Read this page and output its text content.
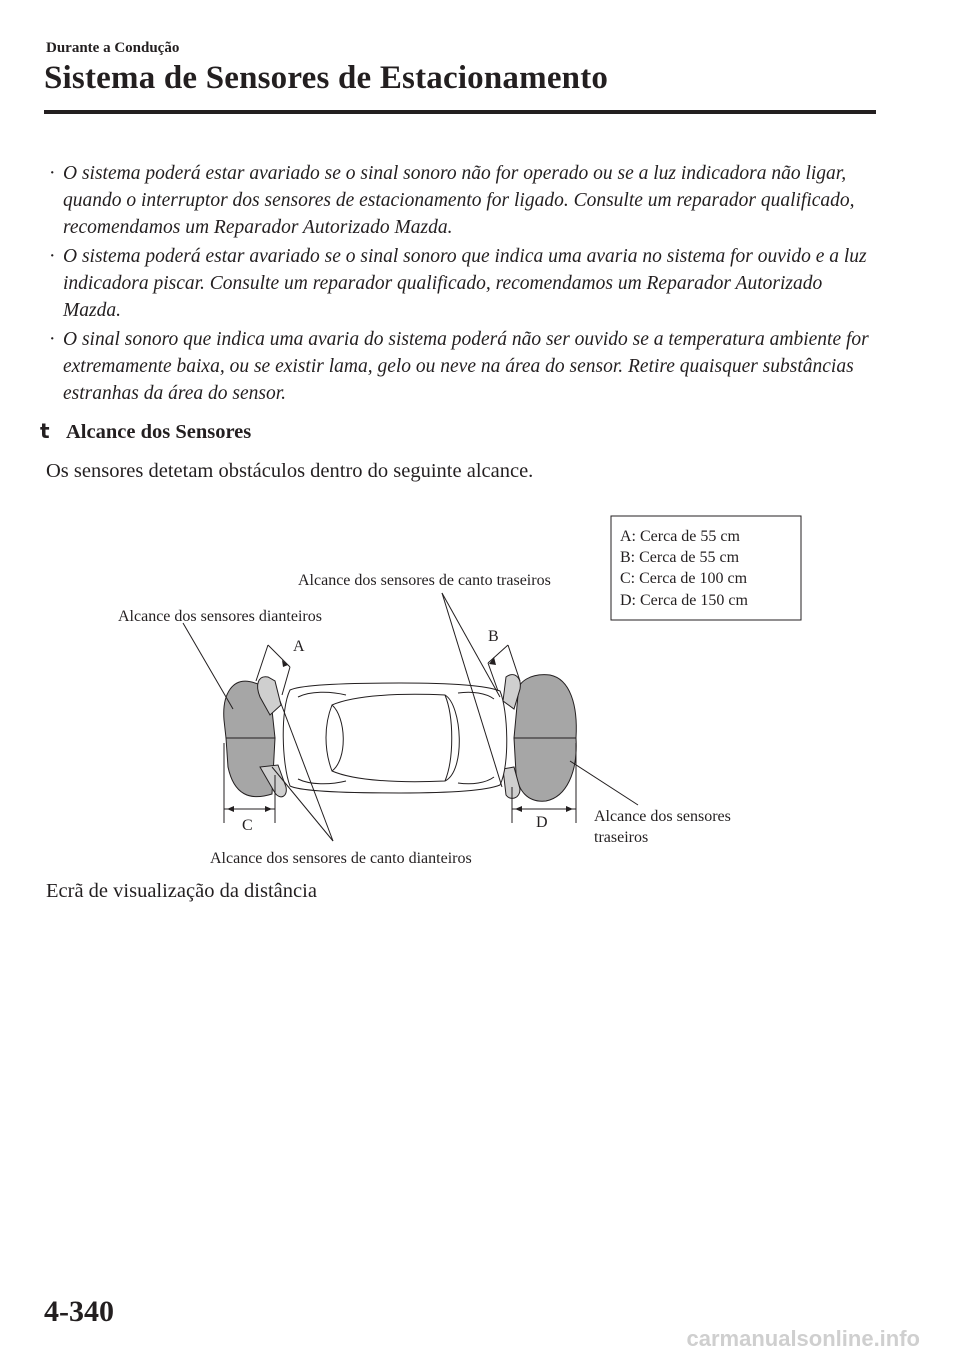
Durante a Condução
Sistema de Sensores de Estacionamento
· O sistema poderá estar avariado se o sinal sonoro não for operado ou se a luz indicadora não ligar, quando o interruptor dos sensores de estacionamento for ligado. Consulte um reparador qualificado, recomendamos um Reparador Autorizado Mazda.
· O sistema poderá estar avariado se o sinal sonoro que indica uma avaria no sistema for ouvido e a luz indicadora piscar. Consulte um reparador qualificado, recomendamos um Reparador Autorizado Mazda.
· O sinal sonoro que indica uma avaria do sistema poderá não ser ouvido se a temperatura ambiente for extremamente baixa, ou se existir lama, gelo ou neve na área do sensor. Retire quaisquer substâncias estranhas da área do sensor.
t Alcance dos Sensores
Os sensores detetam obstáculos dentro do seguinte alcance.
A: Cerca de 55 cm
B: Cerca de 55 cm
C: Cerca de 100 cm
D: Cerca de 150 cm
Alcance dos sensores de canto traseiros
Alcance dos sensores dianteiros
Alcance dos sensores de canto dianteiros
Alcance dos sensores
traseiros
A
B
C	D
Ecrã de visualização da distância
4-340
carmanualsonline.info
